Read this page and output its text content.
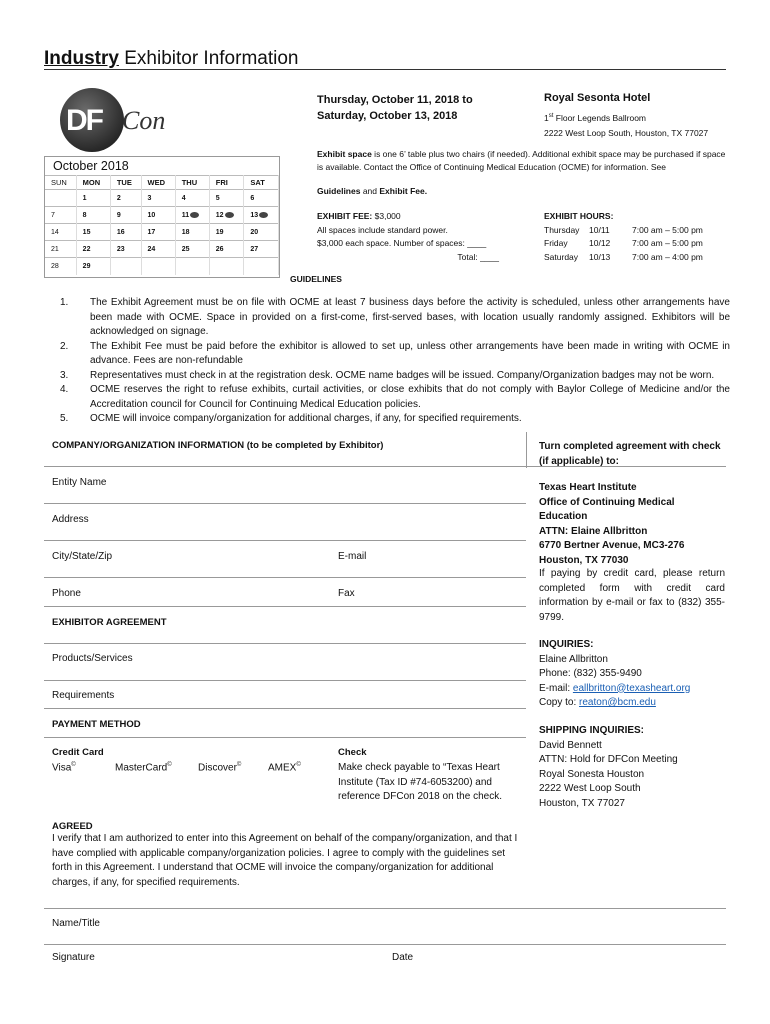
Industry Exhibitor Information
DF Con
October 2018
SUN	MON	TUE	WED	THU	FRI	SAT
	1	2	3	4	5	6
7	8	9	10	11	12	13
14	15	16	17	18	19	20
21	22	23	24	25	26	27
28	29					
Thursday, October 11, 2018 to
Saturday, October 13, 2018
Royal Sesonta Hotel
1st Floor Legends Ballroom
2222 West Loop South, Houston, TX 77027
Exhibit space is one 6’ table plus two chairs (if needed). Additional exhibit space may be purchased if space is available. Contact the Office of Continuing Medical Education (OCME) for information. See
Guidelines and Exhibit Fee.
EXHIBIT FEE: $3,000
All spaces include standard power.
$3,000 each space. Number of spaces: ____
Total: ____
EXHIBIT HOURS:
Thursday	10/11	7:00 am – 5:00 pm
Friday	10/12	7:00 am – 5:00 pm
Saturday	10/13	7:00 am – 4:00 pm
GUIDELINES
1.	The Exhibit Agreement must be on file with OCME at least 7 business days before the activity is scheduled, unless other arrangements have been made with OCME. Space in provided on a first-come, first-served bases, with location usually randomly assigned. Exhibitors will be acknowledged on signage.
2.	The Exhibit Fee must be paid before the exhibitor is allowed to set up, unless other arrangements have been made in writing with OCME in advance. Fees are non-refundable
3.	Representatives must check in at the registration desk. OCME name badges will be issued. Company/Organization badges may not be worn.
4.	OCME reserves the right to refuse exhibits, curtail activities, or close exhibits that do not comply with Baylor College of Medicine and/or the Accreditation council for Council for Continuing Medical Education policies.
5.	OCME will invoice company/organization for additional charges, if any, for specified requirements.
COMPANY/ORGANIZATION INFORMATION (to be completed by Exhibitor)
Entity Name
Address
City/State/Zip	E-mail
Phone	Fax
EXHIBITOR AGREEMENT
Products/Services
Requirements
PAYMENT METHOD
Credit Card
Visa©	MasterCard©	Discover©	AMEX©
Check
Make check payable to “Texas Heart Institute (Tax ID #74-6053200) and reference DFCon 2018 on the check.
AGREED
I verify that I am authorized to enter into this Agreement on behalf of the company/organization, and that I have complied with applicable company/organization policies. I agree to comply with the guidelines set forth in this Agreement. I understand that OCME will invoice the company/organization for additional charges, if any, for specified requirements.
Name/Title
Signature	Date
Turn completed agreement with check (if applicable) to:
Texas Heart Institute
Office of Continuing Medical Education
ATTN: Elaine Allbritton
6770 Bertner Avenue, MC3-276
Houston, TX 77030
If paying by credit card, please return completed form with credit card information by e-mail or fax to (832) 355-9799.
INQUIRIES:
Elaine Allbritton
Phone: (832) 355-9490
E-mail: eallbritton@texasheart.org
Copy to: reaton@bcm.edu
SHIPPING INQUIRIES:
David Bennett
ATTN: Hold for DFCon Meeting
Royal Sonesta Houston
2222 West Loop South
Houston, TX 77027
